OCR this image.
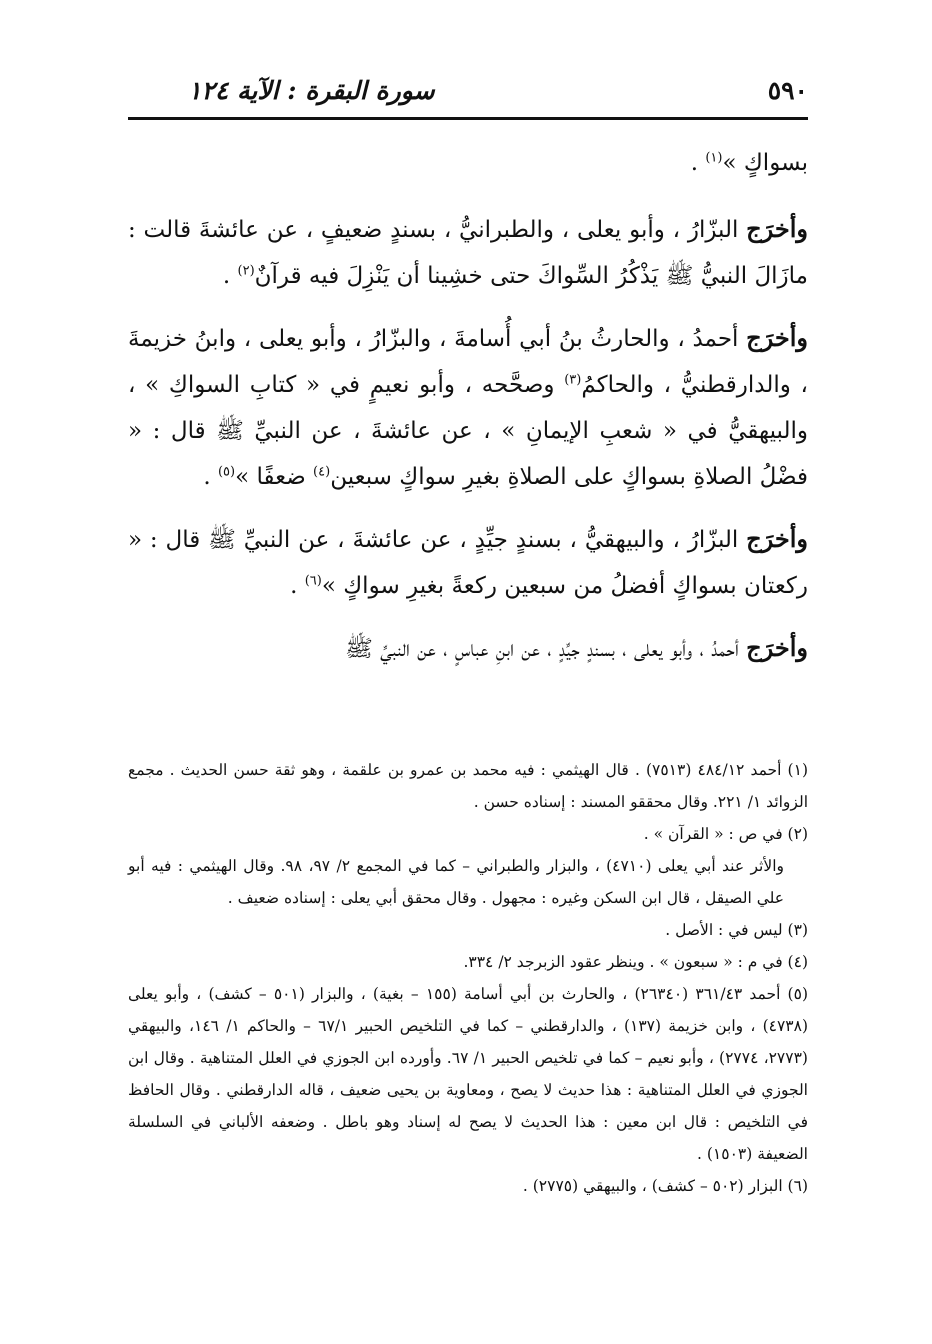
٥٩٠
سورة البقرة : الآية ١٢٤

بسواكٍ »$^{(١)}$ .

وأخرَج البزّارُ ، وأبو يعلى ، والطبرانيُّ ، بسندٍ ضعيفٍ ، عن عائشةَ قالت : مازَالَ النبيُّ ﷺ يَذْكُرُ السِّواكَ حتى خشِينا أن يَنْزِلَ فيه قرآنٌ$^{(٢)}$ .

وأخرَج أحمدُ ، والحارثُ بنُ أبي أُسامةَ ، والبزّارُ ، وأبو يعلى ، وابنُ خزيمةَ ، والدارقطنيُّ ، والحاكمُ$^{(٣)}$ وصحَّحه ، وأبو نعيمٍ في « كتابِ السواكِ » ، والبيهقيُّ في « شعبِ الإيمانِ » ، عن عائشةَ ، عن النبيِّ ﷺ قال : « فضْلُ الصلاةِ بسواكٍ على الصلاةِ بغيرِ سواكٍ سبعين$^{(٤)}$ ضعفًا »$^{(٥)}$ .

وأخرَج البزّارُ ، والبيهقيُّ ، بسندٍ جيِّدٍ ، عن عائشةَ ، عن النبيِّ ﷺ قال : « ركعتان بسواكٍ أفضلُ من سبعين ركعةً بغيرِ سواكٍ »$^{(٦)}$ .

وأخرَج أحمدُ ، وأبو يعلى ، بسندٍ جيِّدٍ ، عن ابنِ عباسٍ ، عن النبيِّ ﷺ

(١) أحمد ٤٨٤/١٢ (٧٥١٣) . قال الهيثمي : فيه محمد بن عمرو بن علقمة ، وهو ثقة حسن الحديث . مجمع الزوائد ١/ ٢٢١. وقال محققو المسند : إسناده حسن .

(٢) في ص : « القرآن » .

والأثر عند أبي يعلى (٤٧١٠) ، والبزار والطبراني – كما في المجمع ٢/ ٩٧، ٩٨. وقال الهيثمي : فيه أبو علي الصيقل ، قال ابن السكن وغيره : مجهول . وقال محقق أبي يعلى : إسناده ضعيف .

(٣) ليس في : الأصل .

(٤) في م : « سبعون » . وينظر عقود الزبرجد ٢/ ٣٣٤.

(٥) أحمد ٣٦١/٤٣ (٢٦٣٤٠) ، والحارث بن أبي أسامة (١٥٥ – بغية) ، والبزار (٥٠١ – كشف) ، وأبو يعلى (٤٧٣٨) ، وابن خزيمة (١٣٧) ، والدارقطني – كما في التلخيص الحبير ٦٧/١ – والحاكم ١/ ١٤٦، والبيهقي (٢٧٧٣، ٢٧٧٤) ، وأبو نعيم – كما في تلخيص الحبير ١/ ٦٧. وأورده ابن الجوزي في العلل المتناهية . وقال ابن الجوزي في العلل المتناهية : هذا حديث لا يصح ، ومعاوية بن يحيى ضعيف ، قاله الدارقطني . وقال الحافظ في التلخيص : قال ابن معين : هذا الحديث لا يصح له إسناد وهو باطل . وضعفه الألباني في السلسلة الضعيفة (١٥٠٣) .

(٦) البزار (٥٠٢ – كشف) ، والبيهقي (٢٧٧٥) .
